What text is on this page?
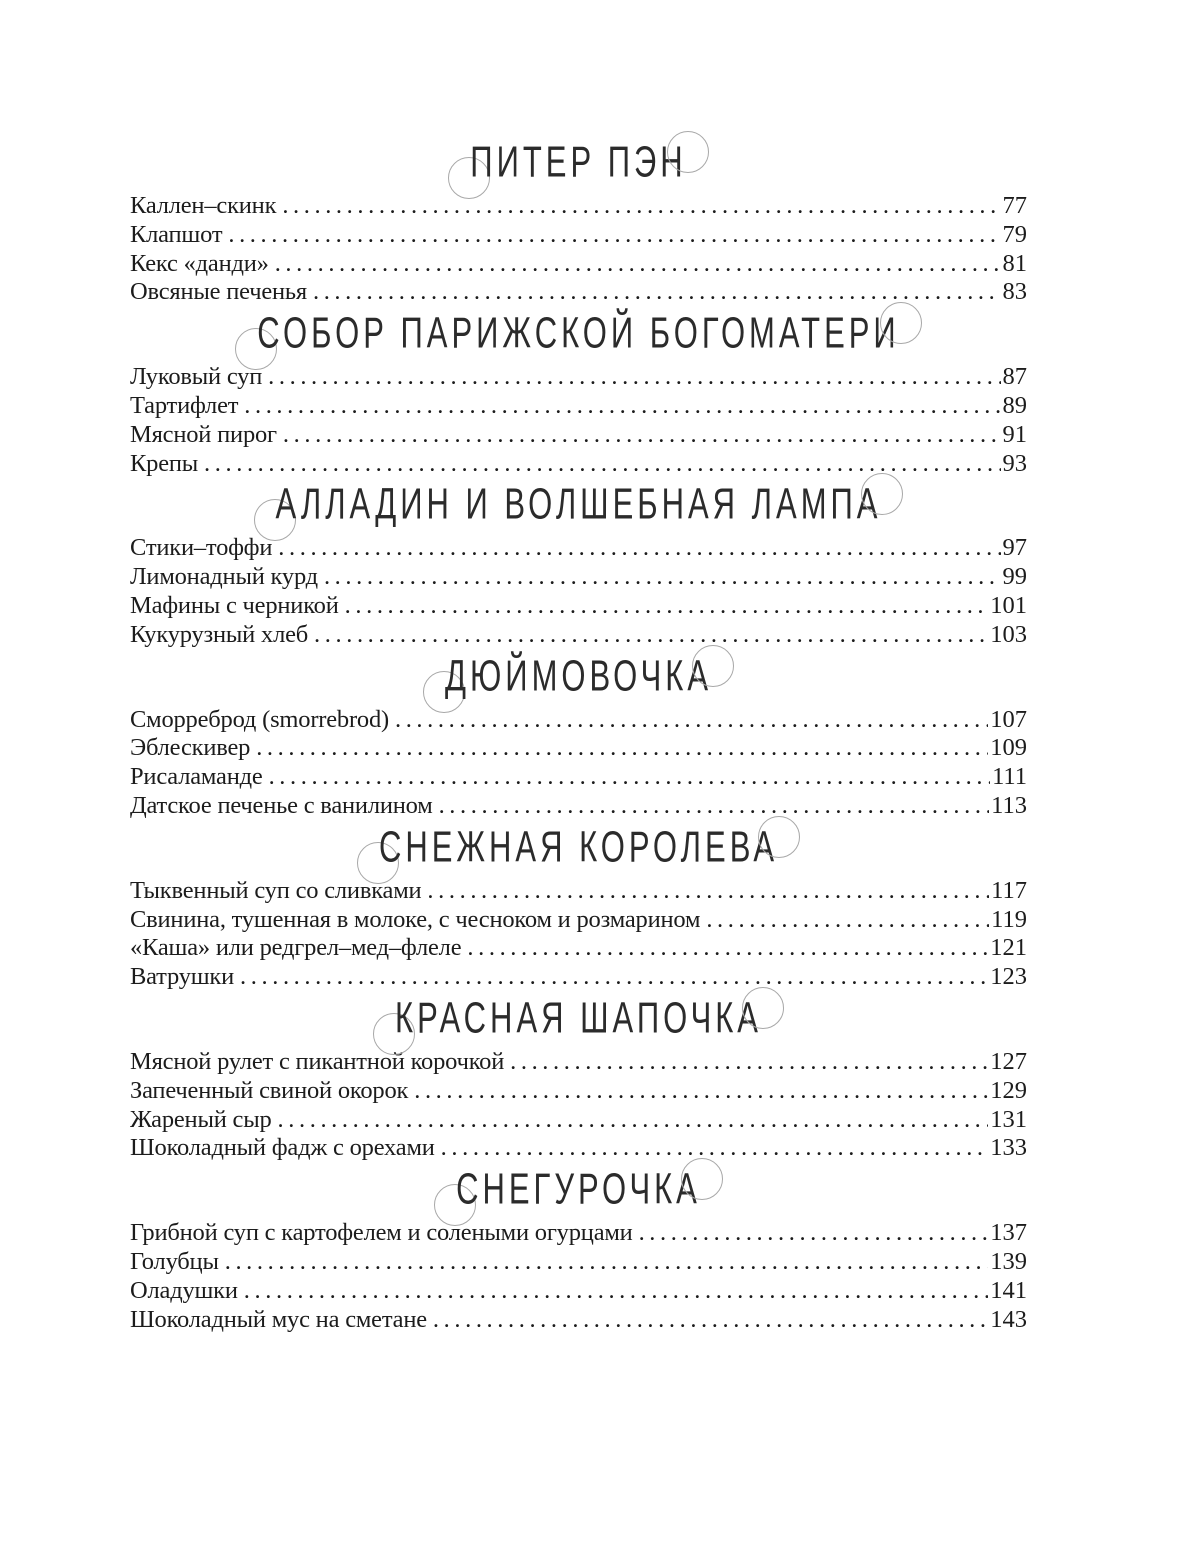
ПИТЕР ПЭН
Каллен–скинк .....	77
Клапшот .....	79
Кекс «данди» .....	81
Овсяные печенья .....	83
СОБОР ПАРИЖСКОЙ БОГОМАТЕРИ
Луковый суп .....	87
Тартифлет .....	89
Мясной пирог .....	91
Крепы .....	93
АЛЛАДИН И ВОЛШЕБНАЯ ЛАМПА
Стики–тоффи .....	97
Лимонадный курд .....	99
Мафины с черникой .....	101
Кукурузный хлеб .....	103
ДЮЙМОВОЧКА
Сморреброд (smorrebrod) .....	107
Эблескивер .....	109
Рисаламанде .....	111
Датское печенье с ванилином .....	113
СНЕЖНАЯ КОРОЛЕВА
Тыквенный суп со сливками .....	117
Свинина, тушенная в молоке, с чесноком и розмарином .....	119
«Каша» или редгрел–мед–флеле .....	121
Ватрушки .....	123
КРАСНАЯ ШАПОЧКА
Мясной рулет с пикантной корочкой .....	127
Запеченный свиной окорок .....	129
Жареный сыр .....	131
Шоколадный фадж с орехами .....	133
СНЕГУРОЧКА
Грибной суп с картофелем и солеными огурцами .....	137
Голубцы .....	139
Оладушки .....	141
Шоколадный мус на сметане .....	143
